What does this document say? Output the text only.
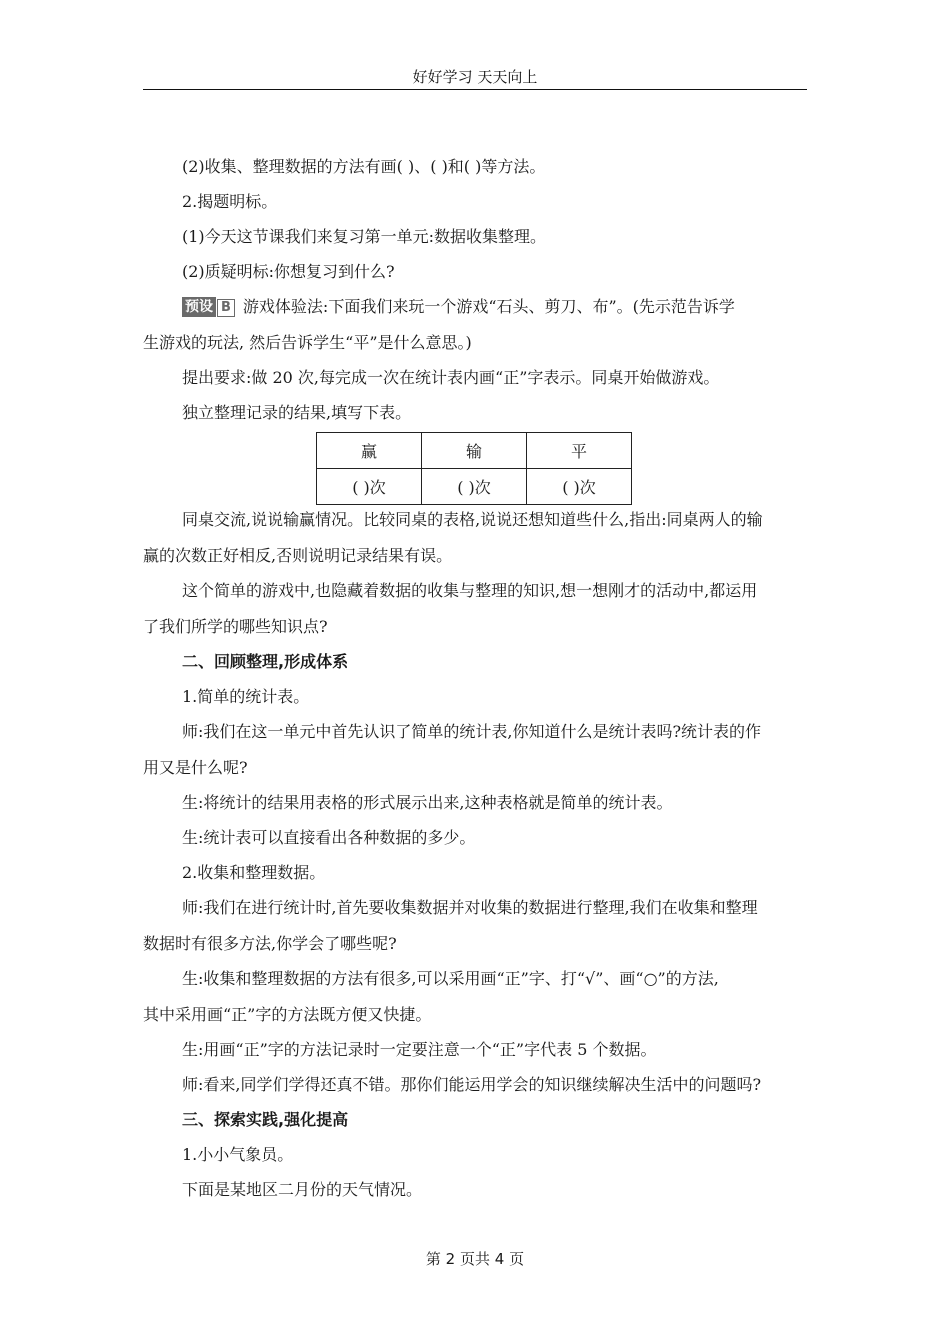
好好学习 天天向上
(2)收集、整理数据的方法有画( )、( )和( )等方法。
2.揭题明标。
(1)今天这节课我们来复习第一单元:数据收集整理。
(2)质疑明标:你想复习到什么?
预设 B 游戏体验法:下面我们来玩一个游戏“石头、剪刀、布”。(先示范告诉学
生游戏的玩法, 然后告诉学生“平”是什么意思。)
提出要求:做 20 次,每完成一次在统计表内画“正”字表示。同桌开始做游戏。
独立整理记录的结果,填写下表。
赢	输	平
( )次	( )次	( )次
同桌交流,说说输赢情况。比较同桌的表格,说说还想知道些什么,指出:同桌两人的输
赢的次数正好相反,否则说明记录结果有误。
这个简单的游戏中,也隐藏着数据的收集与整理的知识,想一想刚才的活动中,都运用
了我们所学的哪些知识点?
二、回顾整理,形成体系
1.简单的统计表。
师:我们在这一单元中首先认识了简单的统计表,你知道什么是统计表吗?统计表的作
用又是什么呢?
生:将统计的结果用表格的形式展示出来,这种表格就是简单的统计表。
生:统计表可以直接看出各种数据的多少。
2.收集和整理数据。
师:我们在进行统计时,首先要收集数据并对收集的数据进行整理,我们在收集和整理
数据时有很多方法,你学会了哪些呢?
生:收集和整理数据的方法有很多,可以采用画“正”字、打“√”、画“○”的方法,
其中采用画“正”字的方法既方便又快捷。
生:用画“正”字的方法记录时一定要注意一个“正”字代表 5 个数据。
师:看来,同学们学得还真不错。那你们能运用学会的知识继续解决生活中的问题吗?
三、探索实践,强化提高
1.小小气象员。
下面是某地区二月份的天气情况。
第 2 页共 4 页
